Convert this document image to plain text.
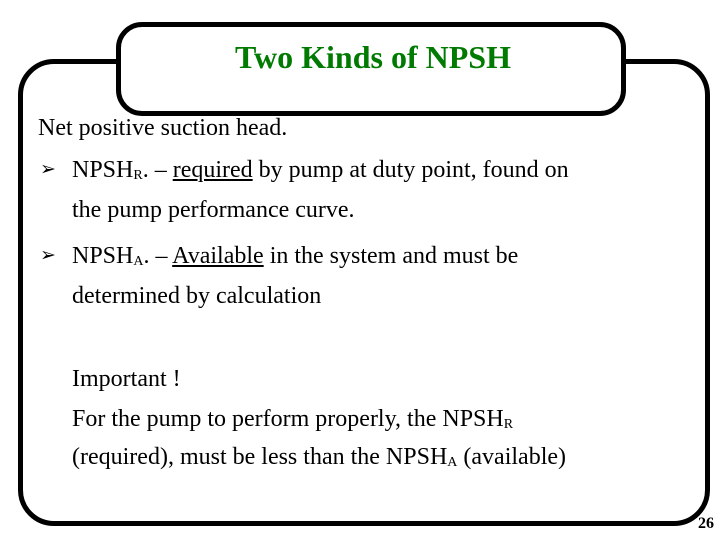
Two Kinds of NPSH
Net positive suction head.
➢ $NPSH_R$. – required by pump at duty point, found on
the pump performance curve.
➢ $NPSH_A$. – Available in the system and must be
determined by calculation
Important !
For the pump to perform properly, the $NPSH_R$
(required), must be less than the $NPSH_A$ (available)
26
